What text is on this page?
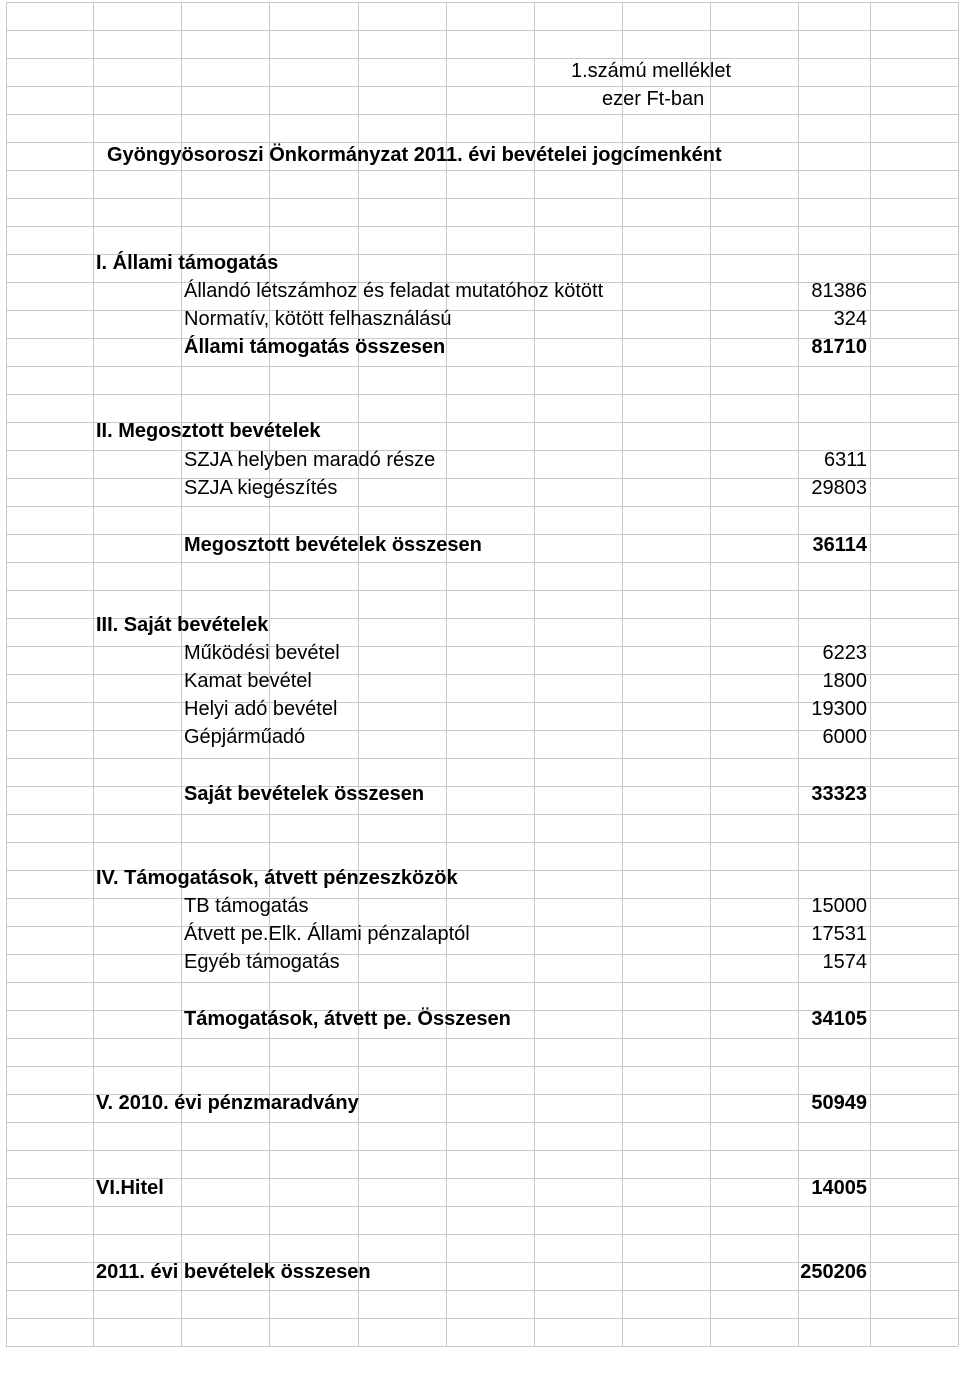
1.számú melléklet
ezer Ft-ban
Gyöngyösoroszi Önkormányzat 2011. évi bevételei jogcímenként
I. Állami támogatás
Állandó létszámhoz és feladat mutatóhoz kötött	81386
Normatív, kötött felhasználású	324
Állami támogatás összesen	81710
II. Megosztott bevételek
SZJA helyben maradó része	6311
SZJA kiegészítés	29803
Megosztott bevételek összesen	36114
III. Saját bevételek
Működési bevétel	6223
Kamat bevétel	1800
Helyi adó bevétel	19300
Gépjárműadó	6000
Saját bevételek összesen	33323
IV. Támogatások, átvett pénzeszközök
TB támogatás	15000
Átvett pe.Elk. Állami pénzalaptól	17531
Egyéb támogatás	1574
Támogatások, átvett pe. Összesen	34105
V. 2010. évi pénzmaradvány	50949
VI.Hitel	14005
2011. évi bevételek összesen	250206
